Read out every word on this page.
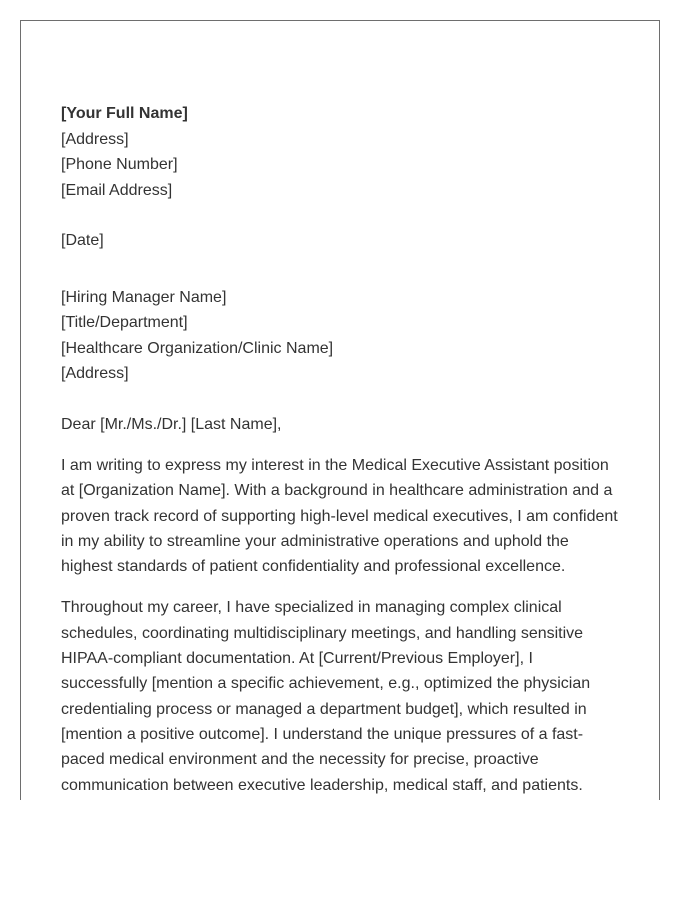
[Your Full Name]
[Address]
[Phone Number]
[Email Address]
[Date]
[Hiring Manager Name]
[Title/Department]
[Healthcare Organization/Clinic Name]
[Address]
Dear [Mr./Ms./Dr.] [Last Name],
I am writing to express my interest in the Medical Executive Assistant position
at [Organization Name]. With a background in healthcare administration and a
proven track record of supporting high-level medical executives, I am confident
in my ability to streamline your administrative operations and uphold the
highest standards of patient confidentiality and professional excellence.
Throughout my career, I have specialized in managing complex clinical
schedules, coordinating multidisciplinary meetings, and handling sensitive
HIPAA-compliant documentation. At [Current/Previous Employer], I
successfully [mention a specific achievement, e.g., optimized the physician
credentialing process or managed a department budget], which resulted in
[mention a positive outcome]. I understand the unique pressures of a fast-
paced medical environment and the necessity for precise, proactive
communication between executive leadership, medical staff, and patients.
